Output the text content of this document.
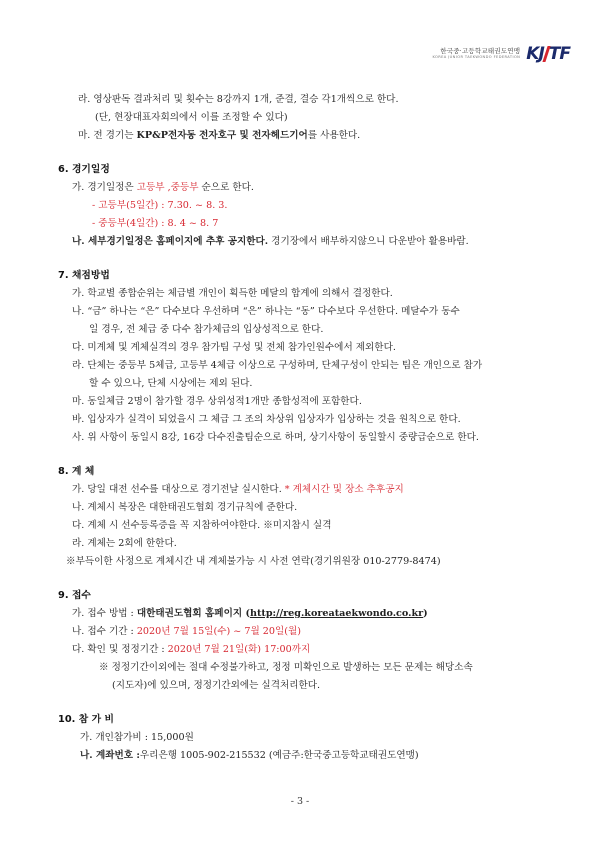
한국중·고등학교태권도연맹
KOREA JUNIOR TAEKWONDO FEDERATION K J TF
라. 영상판독 결과처리 및 횟수는 8강까지 1개, 준결, 결승 각1개씩으로 한다.
(단, 현장대표자회의에서 이를 조정할 수 있다)
마. 전 경기는 KP&P전자동 전자호구 및 전자헤드기어를 사용한다.
6. 경기일정
가. 경기일정은 고등부 ,중등부 순으로 한다.
- 고등부(5일간) : 7.30. ~ 8. 3.
- 중등부(4일간) : 8. 4 ~ 8. 7
나. 세부경기일정은 홈페이지에 추후 공지한다. 경기장에서 배부하지않으니 다운받아 활용바람.
7. 채점방법
가. 학교별 종합순위는 체급별 개인이 획득한 메달의 합계에 의해서 결정한다.
나. “금” 하나는 “은” 다수보다 우선하며 “은” 하나는 “동” 다수보다 우선한다. 메달수가 동수
일 경우, 전 체급 중 다수 참가체급의 입상성적으로 한다.
다. 미계체 및 계체실격의 경우 참가팀 구성 및 전체 참가인원수에서 제외한다.
라. 단체는 중등부 5체급, 고등부 4체급 이상으로 구성하며, 단체구성이 안되는 팀은 개인으로 참가
할 수 있으나, 단체 시상에는 제외 된다.
마. 동일체급 2명이 참가할 경우 상위성적1개만 종합성적에 포함한다.
바. 입상자가 실격이 되었을시 그 체급 그 조의 차상위 입상자가 입상하는 것을 원칙으로 한다.
사. 위 사항이 동일시 8강, 16강 다수진출팀순으로 하며, 상기사항이 동일할시 중량급순으로 한다.
8. 계 체
가. 당일 대전 선수를 대상으로 경기전날 실시한다. * 계체시간 및 장소 추후공지
나. 계체시 복장은 대한태권도협회 경기규칙에 준한다.
다. 계체 시 선수등록증을 꼭 지참하여야한다. ※미지참시 실격
라. 계체는 2회에 한한다.
※부득이한 사정으로 계체시간 내 계체불가능 시 사전 연락(경기위원장 010-2779-8474)
9. 접수
가. 접수 방법 : 대한태권도협회 홈페이지 (http://reg.koreataekwondo.co.kr)
나. 접수 기간 : 2020년 7월 15일(수) ~ 7월 20일(월)
다. 확인 및 정정기간 : 2020년 7월 21일(화) 17:00까지
※ 정정기간이외에는 절대 수정불가하고, 정정 미확인으로 발생하는 모든 문제는 해당소속
(지도자)에 있으며, 정정기간외에는 실격처리한다.
10. 참 가 비
가. 개인참가비 : 15,000원
나. 계좌번호 :우리은행 1005-902-215532 (예금주:한국중고등학교태권도연맹)
- 3 -
